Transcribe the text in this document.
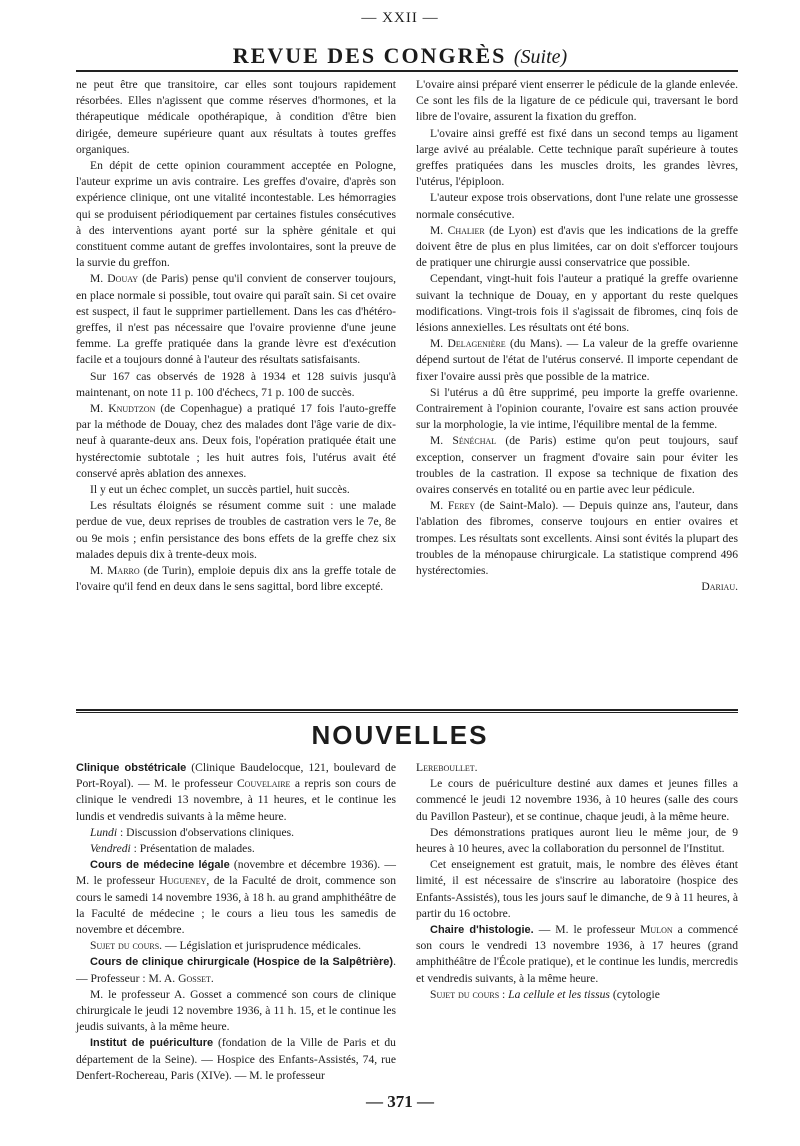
— XXII —
REVUE DES CONGRÈS (Suite)

ne peut être que transitoire, car elles sont toujours rapidement résorbées. Elles n'agissent que comme réserves d'hormones, et la thérapeutique médicale opothérapique, à condition d'être bien dirigée, demeure supérieure quant aux résultats à toutes greffes organiques.

En dépit de cette opinion couramment acceptée en Pologne, l'auteur exprime un avis contraire. Les greffes d'ovaire, d'après son expérience clinique, ont une vitalité incontestable. Les hémorragies qui se produisent périodiquement par certaines fistules consécutives à des interventions ayant porté sur la sphère génitale et qui constituent comme autant de greffes involontaires, sont la preuve de la survie du greffon.

M. Douay (de Paris) pense qu'il convient de conserver toujours, en place normale si possible, tout ovaire qui paraît sain. Si cet ovaire est suspect, il faut le supprimer partiellement. Dans les cas d'hétéro-greffes, il n'est pas nécessaire que l'ovaire provienne d'une jeune femme. La greffe pratiquée dans la grande lèvre est d'exécution facile et a toujours donné à l'auteur des résultats satisfaisants.

Sur 167 cas observés de 1928 à 1934 et 128 suivis jusqu'à maintenant, on note 11 p. 100 d'échecs, 71 p. 100 de succès.

M. Knudtzon (de Copenhague) a pratiqué 17 fois l'auto-greffe par la méthode de Douay, chez des malades dont l'âge varie de dix-neuf à quarante-deux ans. Deux fois, l'opération pratiquée était une hystérectomie subtotale ; les huit autres fois, l'utérus avait été conservé après ablation des annexes.

Il y eut un échec complet, un succès partiel, huit succès.

Les résultats éloignés se résument comme suit : une malade perdue de vue, deux reprises de troubles de castration vers le 7e, 8e ou 9e mois ; enfin persistance des bons effets de la greffe chez six malades depuis dix à trente-deux mois.

M. Marro (de Turin), emploie depuis dix ans la greffe totale de l'ovaire qu'il fend en deux dans le sens sagittal, bord libre excepté.

L'ovaire ainsi préparé vient enserrer le pédicule de la glande enlevée. Ce sont les fils de la ligature de ce pédicule qui, traversant le bord libre de l'ovaire, assurent la fixation du greffon.

L'ovaire ainsi greffé est fixé dans un second temps au ligament large avivé au préalable. Cette technique paraît supérieure à toutes greffes pratiquées dans les muscles droits, les grandes lèvres, l'utérus, l'épiploon.

L'auteur expose trois observations, dont l'une relate une grossesse normale consécutive.

M. Chalier (de Lyon) est d'avis que les indications de la greffe doivent être de plus en plus limitées, car on doit s'efforcer toujours de pratiquer une chirurgie aussi conservatrice que possible.

Cependant, vingt-huit fois l'auteur a pratiqué la greffe ovarienne suivant la technique de Douay, en y apportant du reste quelques modifications. Vingt-trois fois il s'agissait de fibromes, cinq fois de lésions annexielles. Les résultats ont été bons.

M. Delagenière (du Mans). — La valeur de la greffe ovarienne dépend surtout de l'état de l'utérus conservé. Il importe cependant de fixer l'ovaire aussi près que possible de la matrice.

Si l'utérus a dû être supprimé, peu importe la greffe ovarienne. Contrairement à l'opinion courante, l'ovaire est sans action prouvée sur la morphologie, la vie intime, l'équilibre mental de la femme.

M. Sénéchal (de Paris) estime qu'on peut toujours, sauf exception, conserver un fragment d'ovaire sain pour éviter les troubles de la castration. Il expose sa technique de fixation des ovaires conservés en totalité ou en partie avec leur pédicule.

M. Ferey (de Saint-Malo). — Depuis quinze ans, l'auteur, dans l'ablation des fibromes, conserve toujours en entier ovaires et trompes. Les résultats sont excellents. Ainsi sont évités la plupart des troubles de la ménopause chirurgicale. La statistique comprend 496 hystérectomies.

Dariau.

NOUVELLES

Clinique obstétricale (Clinique Baudelocque, 121, boulevard de Port-Royal). — M. le professeur Couvelaire a repris son cours de clinique le vendredi 13 novembre, à 11 heures, et le continue les lundis et vendredis suivants à la même heure.

Lundi : Discussion d'observations cliniques.

Vendredi : Présentation de malades.

Cours de médecine légale (novembre et décembre 1936). — M. le professeur Hugueney, de la Faculté de droit, commence son cours le samedi 14 novembre 1936, à 18 h. au grand amphithéâtre de la Faculté de médecine ; le cours a lieu tous les samedis de novembre et décembre.

Sujet du cours. — Législation et jurisprudence médicales.

Cours de clinique chirurgicale (Hospice de la Salpêtrière). — Professeur : M. A. Gosset.

M. le professeur A. Gosset a commencé son cours de clinique chirurgicale le jeudi 12 novembre 1936, à 11 h. 15, et le continue les jeudis suivants, à la même heure.

Institut de puériculture (fondation de la Ville de Paris et du département de la Seine). — Hospice des Enfants-Assistés, 74, rue Denfert-Rochereau, Paris (XIVe). — M. le professeur

Lereboullet.

Le cours de puériculture destiné aux dames et jeunes filles a commencé le jeudi 12 novembre 1936, à 10 heures (salle des cours du Pavillon Pasteur), et se continue, chaque jeudi, à la même heure.

Des démonstrations pratiques auront lieu le même jour, de 9 heures à 10 heures, avec la collaboration du personnel de l'Institut.

Cet enseignement est gratuit, mais, le nombre des élèves étant limité, il est nécessaire de s'inscrire au laboratoire (hospice des Enfants-Assistés), tous les jours sauf le dimanche, de 9 à 11 heures, à partir du 16 octobre.

Chaire d'histologie. — M. le professeur Mulon a commencé son cours le vendredi 13 novembre 1936, à 17 heures (grand amphithéâtre de l'École pratique), et le continue les lundis, mercredis et vendredis suivants, à la même heure.

Sujet du cours : La cellule et les tissus (cytologie

— 371 —
